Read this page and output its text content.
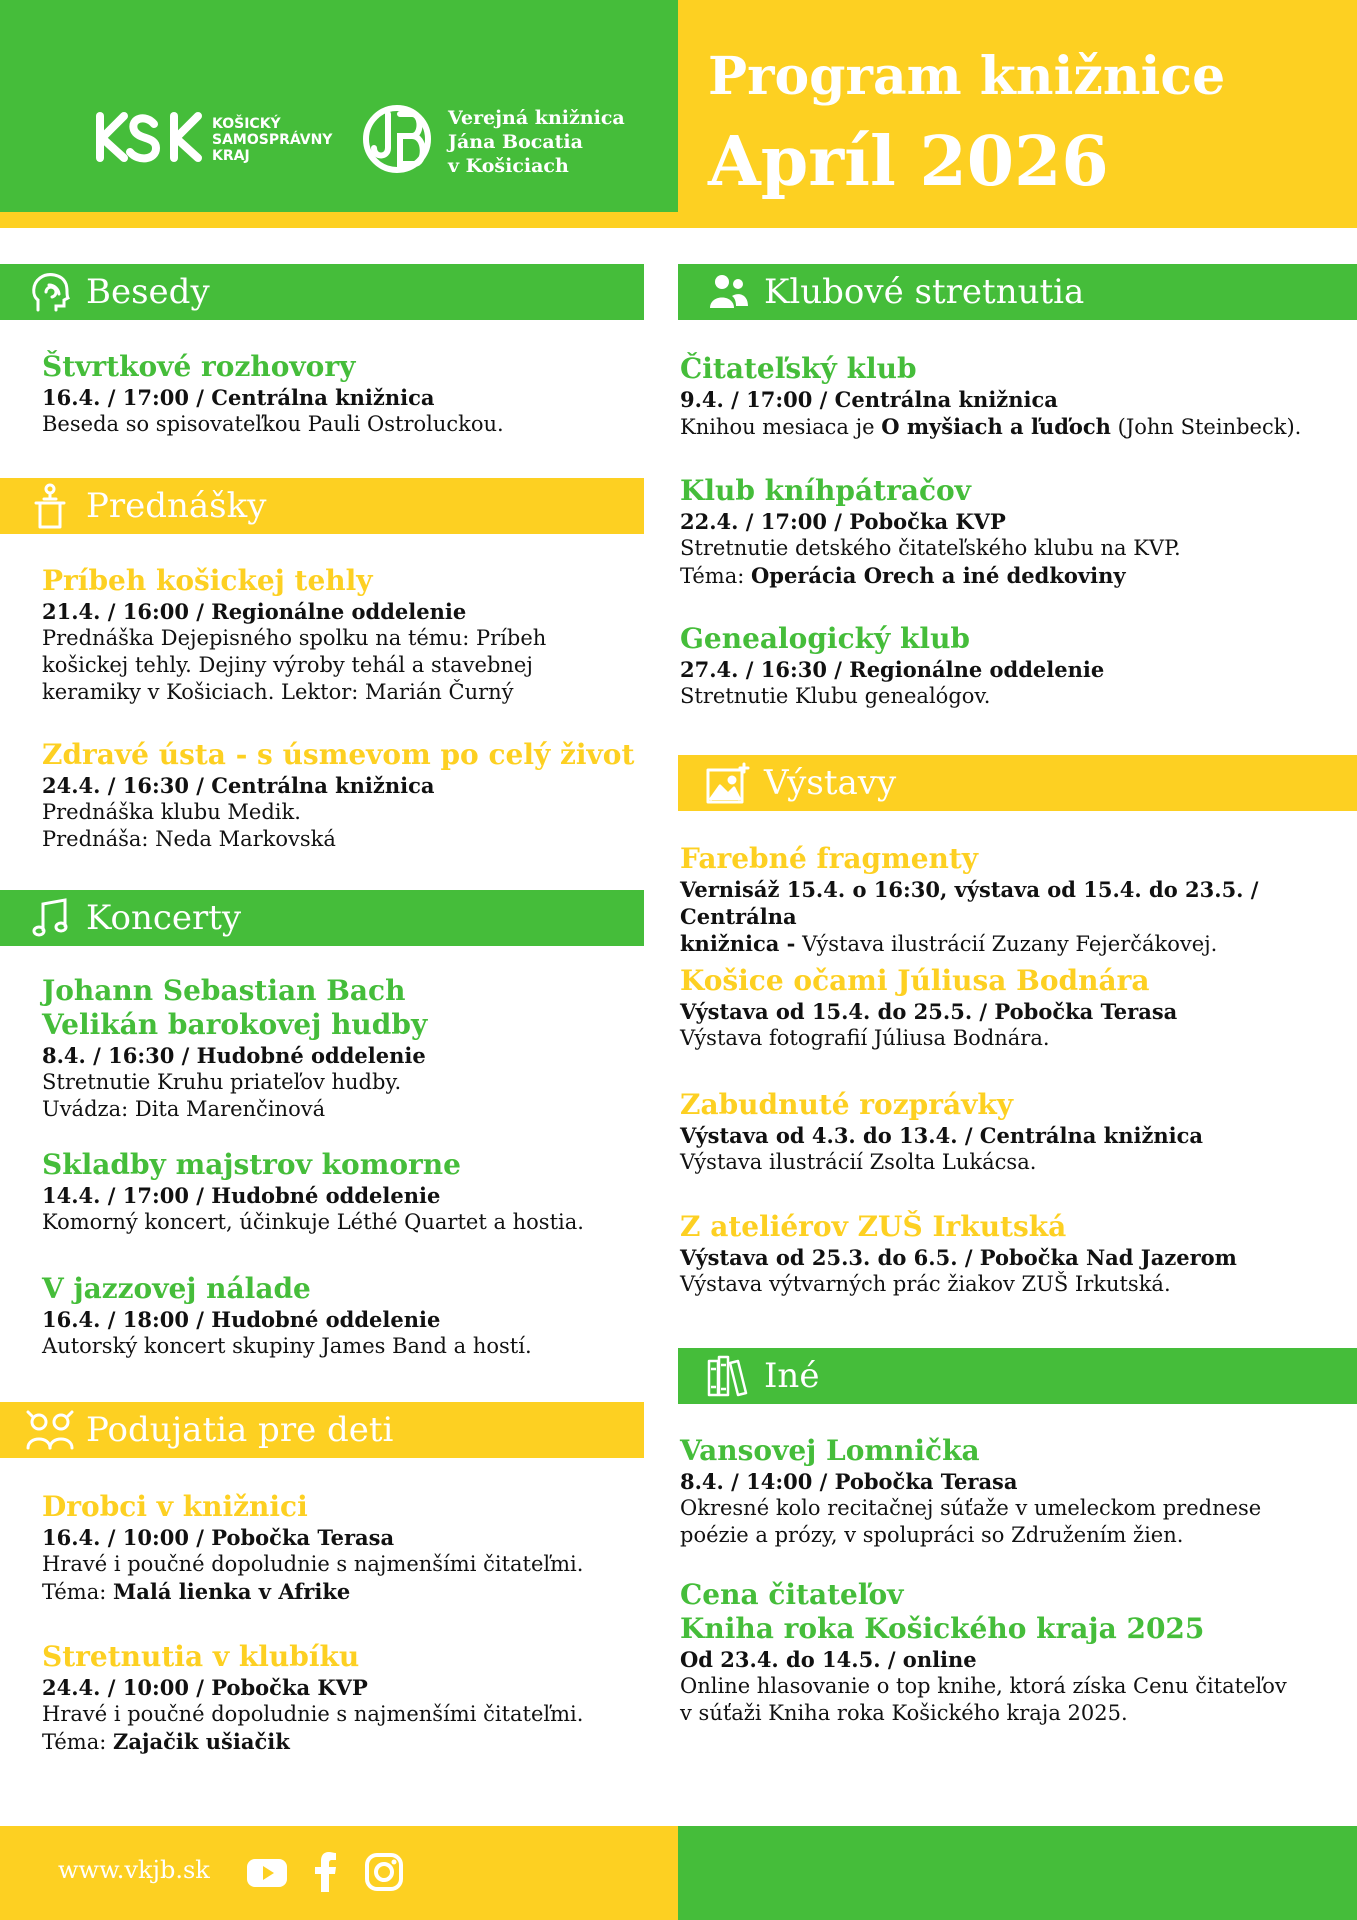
KOŠICKÝ
SAMOSPRÁVNY
KRAJ
Verejná knižnica
Jána Bocatia
v Košiciach
Program knižnice
Apríl 2026
Besedy
Štvrtkové rozhovory
16.4. / 17:00 / Centrálna knižnica
Beseda so spisovateľkou Pauli Ostroluckou.
Prednášky
Príbeh košickej tehly
21.4. / 16:00 / Regionálne oddelenie
Prednáška Dejepisného spolku na tému: Príbeh
košickej tehly. Dejiny výroby tehál a stavebnej
keramiky v Košiciach. Lektor: Marián Čurný
Zdravé ústa - s úsmevom po celý život
24.4. / 16:30 / Centrálna knižnica
Prednáška klubu Medik.
Prednáša: Neda Markovská
Koncerty
Johann Sebastian Bach
Velikán barokovej hudby
8.4. / 16:30 / Hudobné oddelenie
Stretnutie Kruhu priateľov hudby.
Uvádza: Dita Marenčinová
Skladby majstrov komorne
14.4. / 17:00 / Hudobné oddelenie
Komorný koncert, účinkuje Léthé Quartet a hostia.
V jazzovej nálade
16.4. / 18:00 / Hudobné oddelenie
Autorský koncert skupiny James Band a hostí.
Podujatia pre deti
Drobci v knižnici
16.4. / 10:00 / Pobočka Terasa
Hravé i poučné dopoludnie s najmenšími čitateľmi.
Téma: Malá lienka v Afrike
Stretnutia v klubíku
24.4. / 10:00 / Pobočka KVP
Hravé i poučné dopoludnie s najmenšími čitateľmi.
Téma: Zajačik ušiačik
Klubové stretnutia
Čitateľský klub
9.4. / 17:00 / Centrálna knižnica
Knihou mesiaca je O myšiach a ľuďoch (John Steinbeck).
Klub kníhpátračov
22.4. / 17:00 / Pobočka KVP
Stretnutie detského čitateľského klubu na KVP.
Téma: Operácia Orech a iné dedkoviny
Genealogický klub
27.4. / 16:30 / Regionálne oddelenie
Stretnutie Klubu genealógov.
Výstavy
Farebné fragmenty
Vernisáž 15.4. o 16:30, výstava od 15.4. do 23.5. / Centrálna
knižnica - Výstava ilustrácií Zuzany Fejerčákovej.
Košice očami Júliusa Bodnára
Výstava od 15.4. do 25.5. / Pobočka Terasa
Výstava fotografií Júliusa Bodnára.
Zabudnuté rozprávky
Výstava od 4.3. do 13.4. / Centrálna knižnica
Výstava ilustrácií Zsolta Lukácsa.
Z ateliérov ZUŠ Irkutská
Výstava od 25.3. do 6.5. / Pobočka Nad Jazerom
Výstava výtvarných prác žiakov ZUŠ Irkutská.
Iné
Vansovej Lomnička
8.4. / 14:00 / Pobočka Terasa
Okresné kolo recitačnej súťaže v umeleckom prednese
poézie a prózy, v spolupráci so Združením žien.
Cena čitateľov
Kniha roka Košického kraja 2025
Od 23.4. do 14.5. / online
Online hlasovanie o top knihe, ktorá získa Cenu čitateľov
v súťaži Kniha roka Košického kraja 2025.
www.vkjb.sk
